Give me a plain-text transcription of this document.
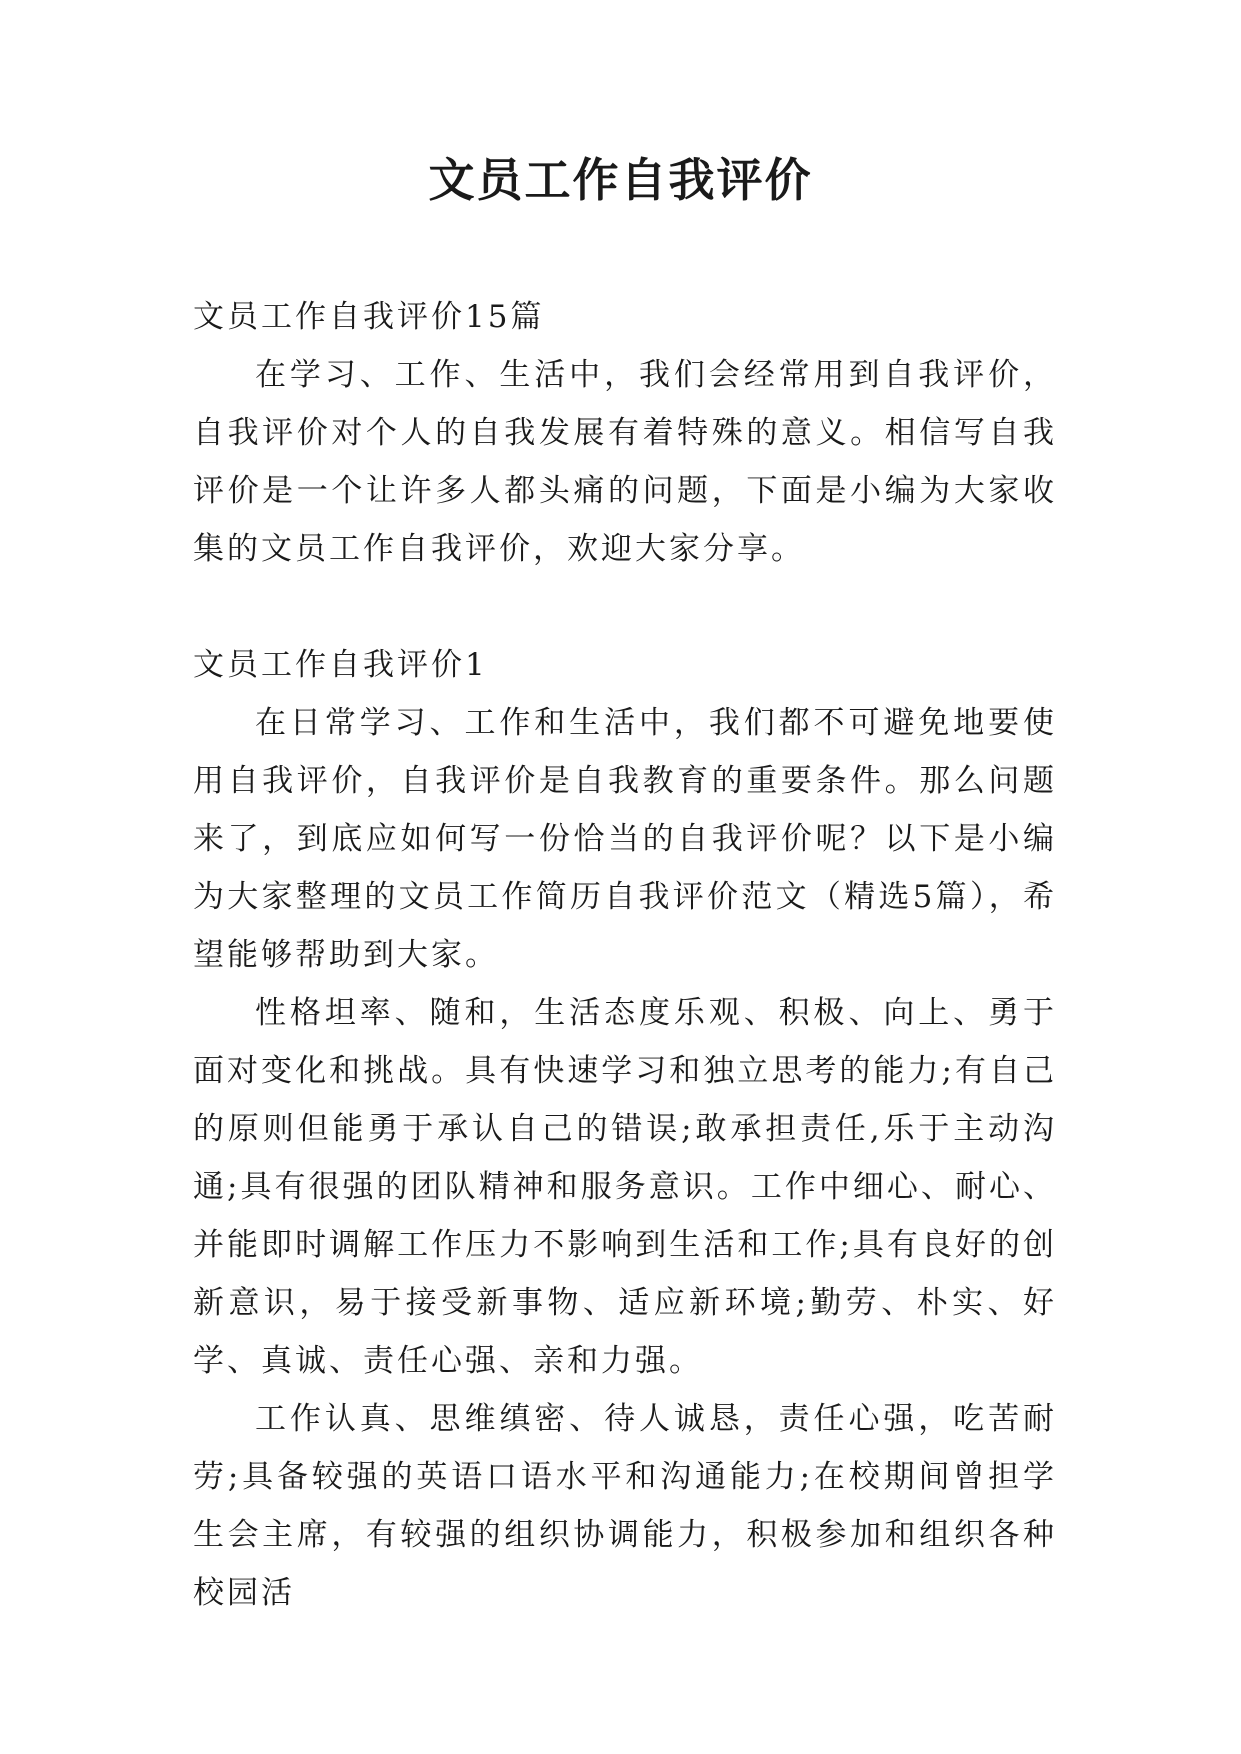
文员工作自我评价

文员工作自我评价15篇

在学习、工作、生活中，我们会经常用到自我评价，自我评价对个人的自我发展有着特殊的意义。相信写自我评价是一个让许多人都头痛的问题，下面是小编为大家收集的文员工作自我评价，欢迎大家分享。

文员工作自我评价1

在日常学习、工作和生活中，我们都不可避免地要使用自我评价，自我评价是自我教育的重要条件。那么问题来了，到底应如何写一份恰当的自我评价呢？以下是小编为大家整理的文员工作简历自我评价范文（精选5篇），希望能够帮助到大家。

性格坦率、随和，生活态度乐观、积极、向上、勇于面对变化和挑战。具有快速学习和独立思考的能力;有自己的原则但能勇于承认自己的错误;敢承担责任,乐于主动沟通;具有很强的团队精神和服务意识。工作中细心、耐心、并能即时调解工作压力不影响到生活和工作;具有良好的创新意识，易于接受新事物、适应新环境;勤劳、朴实、好学、真诚、责任心强、亲和力强。

工作认真、思维缜密、待人诚恳，责任心强，吃苦耐劳;具备较强的英语口语水平和沟通能力;在校期间曾担学生会主席，有较强的组织协调能力，积极参加和组织各种校园活
